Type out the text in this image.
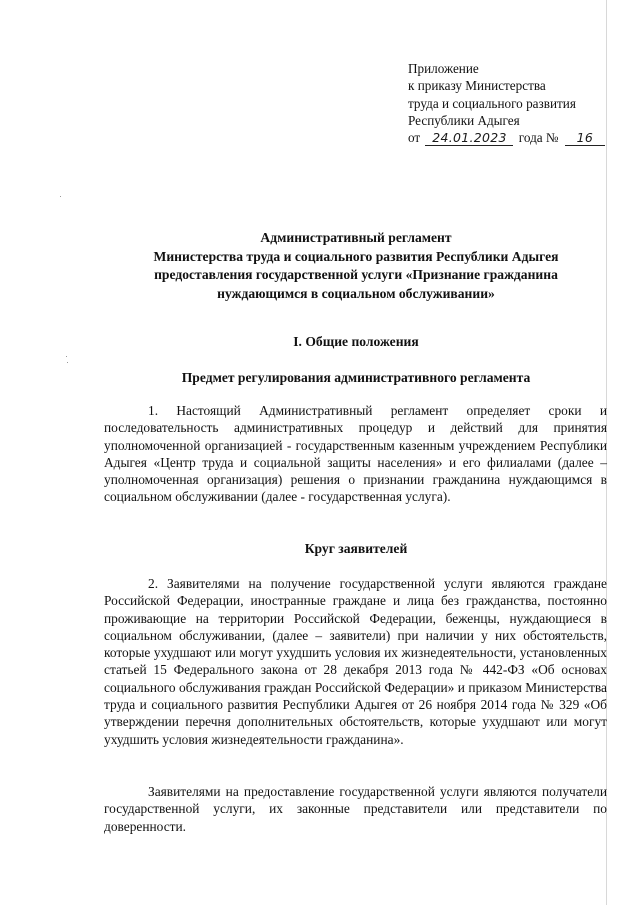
Приложение
к приказу Министерства
труда и социального развития
Республики Адыгея
от 24.01.2023 года № 16
Административный регламент
Министерства труда и социального развития Республики Адыгея
предоставления государственной услуги «Признание гражданина
нуждающимся в социальном обслуживании»
I. Общие положения
Предмет регулирования административного регламента
1. Настоящий Административный регламент определяет сроки и последовательность административных процедур и действий для принятия уполномоченной организацией - государственным казенным учреждением Республики Адыгея «Центр труда и социальной защиты населения» и его филиалами (далее – уполномоченная организация) решения о признании гражданина нуждающимся в социальном обслуживании (далее - государственная услуга).
Круг заявителей
2. Заявителями на получение государственной услуги являются граждане Российской Федерации, иностранные граждане и лица без гражданства, постоянно проживающие на территории Российской Федерации, беженцы, нуждающиеся в социальном обслуживании, (далее – заявители) при наличии у них обстоятельств, которые ухудшают или могут ухудшить условия их жизнедеятельности, установленных статьей 15 Федерального закона от 28 декабря 2013 года № 442-ФЗ «Об основах социального обслуживания граждан Российской Федерации» и приказом Министерства труда и социального развития Республики Адыгея от 26 ноября 2014 года № 329 «Об утверждении перечня дополнительных обстоятельств, которые ухудшают или могут ухудшить условия жизнедеятельности гражданина».
Заявителями на предоставление государственной услуги являются получатели государственной услуги, их законные представители или представители по доверенности.
